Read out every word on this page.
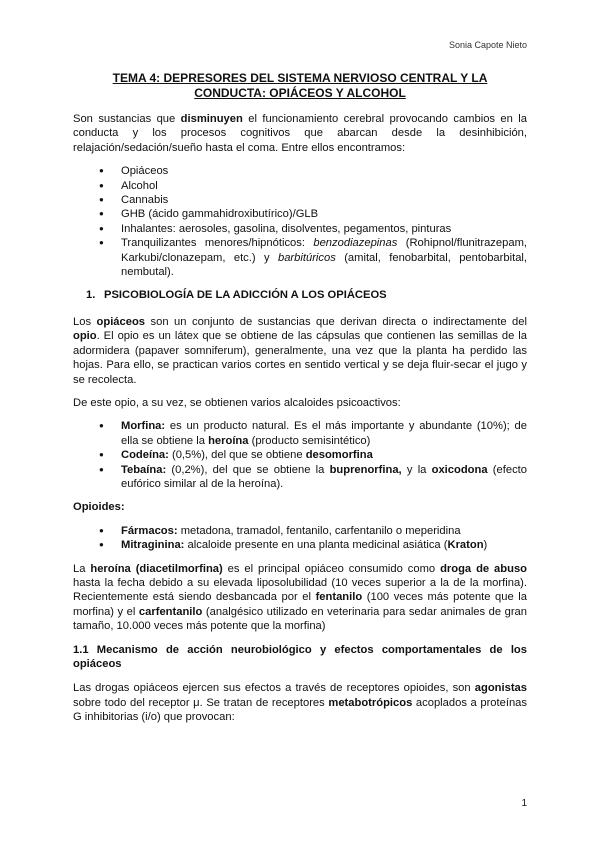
Sonia Capote Nieto
TEMA 4: DEPRESORES DEL SISTEMA NERVIOSO CENTRAL Y LA
CONDUCTA: OPIÁCEOS Y ALCOHOL

Son sustancias que disminuyen el funcionamiento cerebral provocando cambios en la conducta y los procesos cognitivos que abarcan desde la desinhibición, relajación/sedación/sueño hasta el coma. Entre ellos encontramos:

● Opiáceos
● Alcohol
● Cannabis
● GHB (ácido gammahidroxibutírico)/GLB
● Inhalantes: aerosoles, gasolina, disolventes, pegamentos, pinturas
● Tranquilizantes menores/hipnóticos: benzodiazepinas (Rohipnol/flunitrazepam, Karkubi/clonazepam, etc.) y barbitúricos (amital, fenobarbital, pentobarbital, nembutal).
1. PSICOBIOLOGÍA DE LA ADICCIÓN A LOS OPIÁCEOS

Los opiáceos son un conjunto de sustancias que derivan directa o indirectamente del opio. El opio es un látex que se obtiene de las cápsulas que contienen las semillas de la adormidera (papaver somniferum), generalmente, una vez que la planta ha perdido las hojas. Para ello, se practican varios cortes en sentido vertical y se deja fluir-secar el jugo y se recolecta.

De este opio, a su vez, se obtienen varios alcaloides psicoactivos:

● Morfina: es un producto natural. Es el más importante y abundante (10%); de ella se obtiene la heroína (producto semisintético)
● Codeína: (0,5%), del que se obtiene desomorfina
● Tebaína: (0,2%), del que se obtiene la buprenorfina, y la oxicodona (efecto eufórico similar al de la heroína).
Opioides:
● Fármacos: metadona, tramadol, fentanilo, carfentanilo o meperidina
● Mitraginina: alcaloide presente en una planta medicinal asiática (Kraton)

La heroína (diacetilmorfina) es el principal opiáceo consumido como droga de abuso hasta la fecha debido a su elevada liposolubilidad (10 veces superior a la de la morfina). Recientemente está siendo desbancada por el fentanilo (100 veces más potente que la morfina) y el carfentanilo (analgésico utilizado en veterinaria para sedar animales de gran tamaño, 10.000 veces más potente que la morfina)

1.1 Mecanismo de acción neurobiológico y efectos comportamentales de los opiáceos

Las drogas opiáceos ejercen sus efectos a través de receptores opioides, son agonistas sobre todo del receptor μ. Se tratan de receptores metabotrópicos acoplados a proteínas G inhibitorias (i/o) que provocan:

1
